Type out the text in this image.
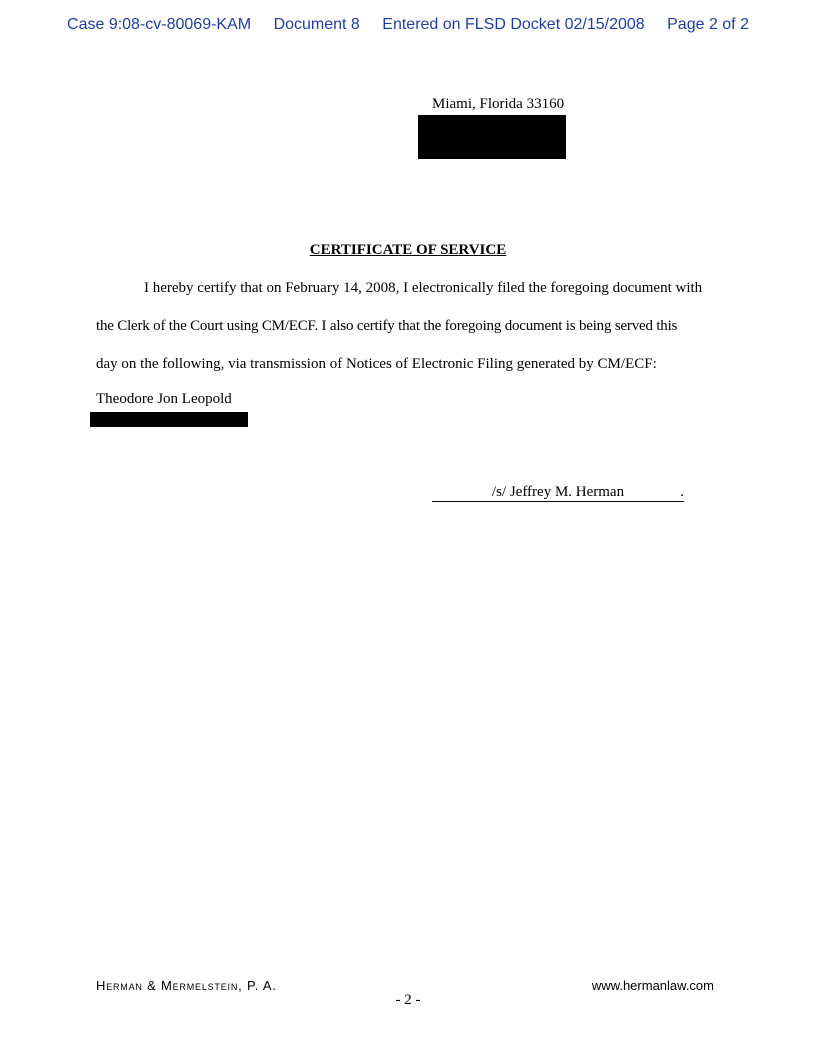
Case 9:08-cv-80069-KAM Document 8 Entered on FLSD Docket 02/15/2008 Page 2 of 2
Miami, Florida 33160
CERTIFICATE OF SERVICE
I hereby certify that on February 14, 2008, I electronically filed the foregoing document with
the Clerk of the Court using CM/ECF. I also certify that the foregoing document is being served this
day on the following, via transmission of Notices of Electronic Filing generated by CM/ECF:
Theodore Jon Leopold
/s/ Jeffrey M. Herman	.
Herman & Mermelstein, P. A.	www.hermanlaw.com
- 2 -
